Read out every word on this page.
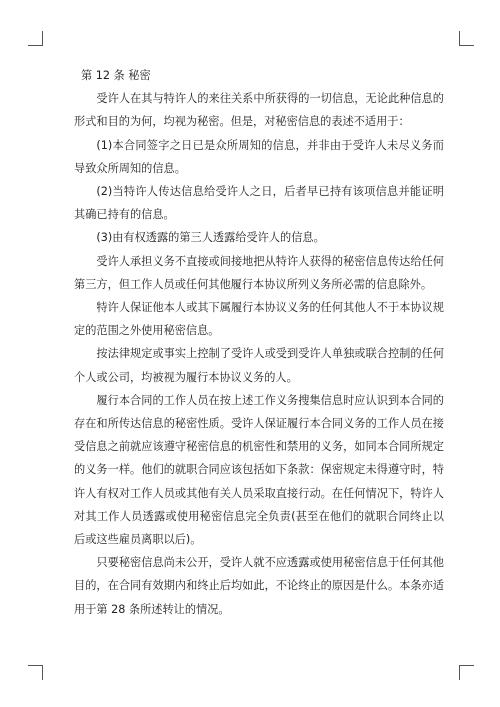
第 12 条 秘密

受许人在其与特许人的来往关系中所获得的一切信息，无论此种信息的形式和目的为何，均视为秘密。但是，对秘密信息的表述不适用于：

(1)本合同签字之日已是众所周知的信息，并非由于受许人未尽义务而导致众所周知的信息。

(2)当特许人传达信息给受许人之日，后者早已持有该项信息并能证明其确已持有的信息。

(3)由有权透露的第三人透露给受许人的信息。

受许人承担义务不直接或间接地把从特许人获得的秘密信息传达给任何第三方，但工作人员或任何其他履行本协议所列义务所必需的信息除外。

特许人保证他本人或其下属履行本协议义务的任何其他人不于本协议规定的范围之外使用秘密信息。

按法律规定或事实上控制了受许人或受到受许人单独或联合控制的任何个人或公司，均被视为履行本协议义务的人。

履行本合同的工作人员在按上述工作义务搜集信息时应认识到本合同的存在和所传达信息的秘密性质。受许人保证履行本合同义务的工作人员在接受信息之前就应该遵守秘密信息的机密性和禁用的义务，如同本合同所规定的义务一样。他们的就职合同应该包括如下条款：保密规定未得遵守时，特许人有权对工作人员或其他有关人员采取直接行动。在任何情况下，特许人对其工作人员透露或使用秘密信息完全负责(甚至在他们的就职合同终止以后或这些雇员离职以后)。

只要秘密信息尚未公开，受许人就不应透露或使用秘密信息于任何其他目的，在合同有效期内和终止后均如此，不论终止的原因是什么。本条亦适用于第 28 条所述转让的情况。
